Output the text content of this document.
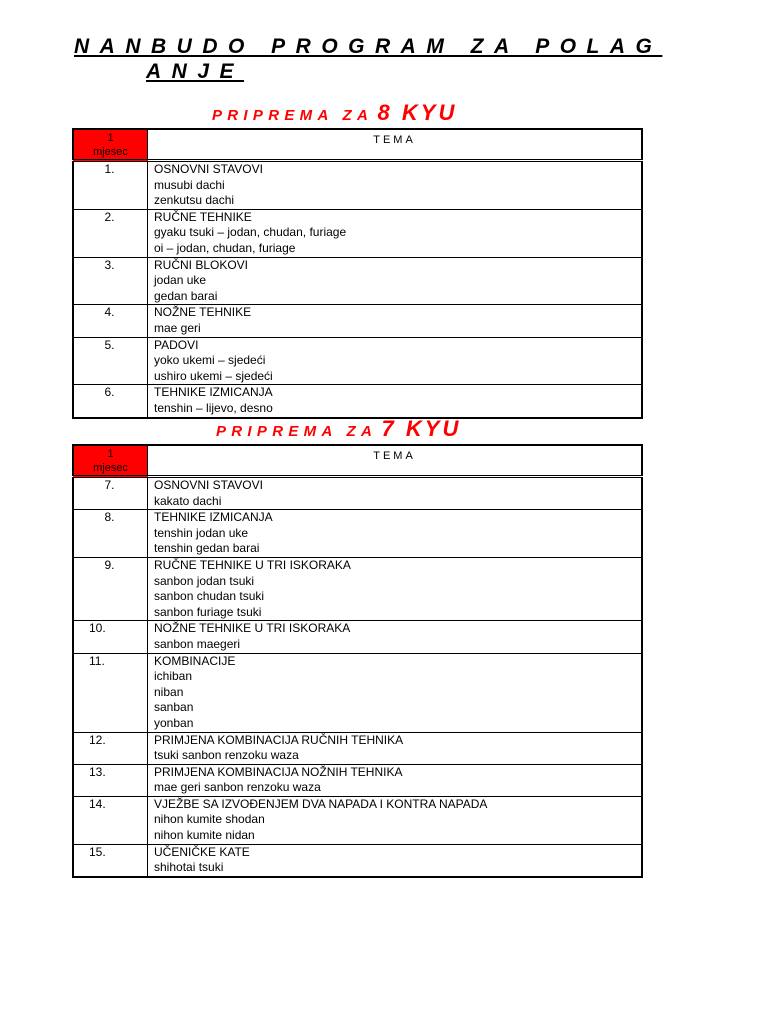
NANBUDO PROGRAM ZA POLAG
ANJE
PRIPREMA ZA 8 KYU
1
mjesec	TEMA
1.	OSNOVNI STAVOVI
musubi dachi
zenkutsu dachi

2.	RUČNE TEHNIKE
gyaku tsuki – jodan, chudan, furiage
oi – jodan, chudan, furiage

3.	RUČNI BLOKOVI
jodan uke
gedan barai

4.	NOŽNE TEHNIKE
mae geri

5.	PADOVI
yoko ukemi – sjedeći
ushiro ukemi – sjedeći

6.	TEHNIKE IZMICANJA
tenshin – lijevo, desno
PRIPREMA ZA 7 KYU
1
mjesec	TEMA
7.	OSNOVNI STAVOVI
kakato dachi

8.	TEHNIKE IZMICANJA
tenshin jodan uke
tenshin gedan barai

9.	RUČNE TEHNIKE U TRI ISKORAKA
sanbon jodan tsuki
sanbon chudan tsuki
sanbon furiage tsuki

10.	NOŽNE TEHNIKE U TRI ISKORAKA
sanbon maegeri

11.	KOMBINACIJE
ichiban
niban
sanban
yonban

12.	PRIMJENA KOMBINACIJA RUČNIH TEHNIKA
tsuki sanbon renzoku waza

13.	PRIMJENA KOMBINACIJA NOŽNIH TEHNIKA
mae geri sanbon renzoku waza

14.	VJEŽBE SA IZVOĐENJEM DVA NAPADA I KONTRA NAPADA
nihon kumite shodan
nihon kumite nidan

15.	UČENIČKE KATE
shihotai tsuki
